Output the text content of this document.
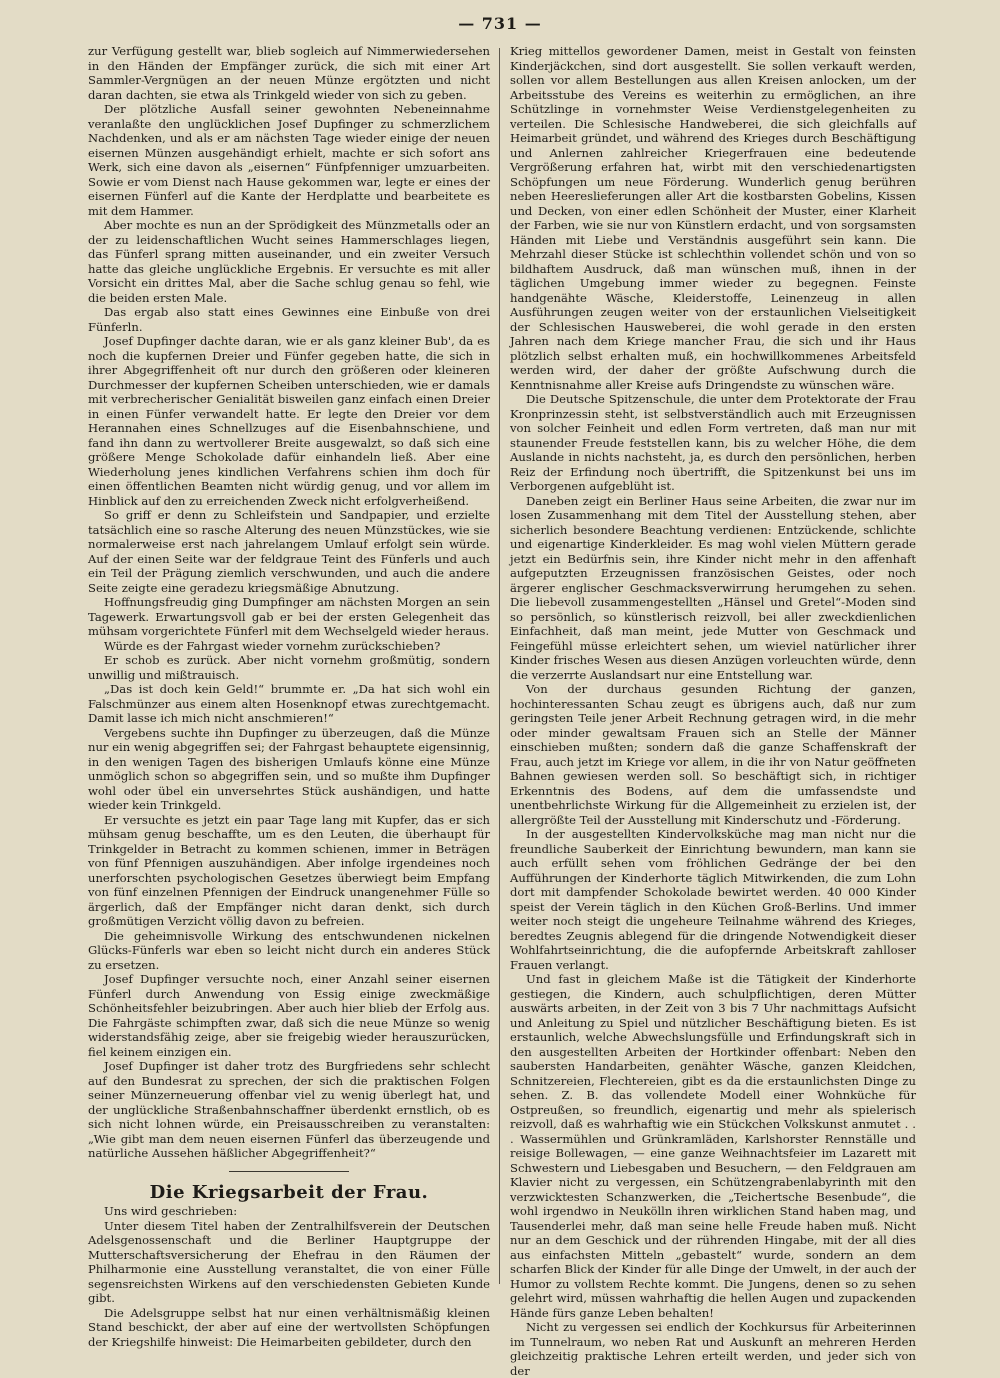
— 731 —

zur Verfügung gestellt war, blieb sogleich auf Nimmerwiedersehen in den Händen der Empfänger zurück, die sich mit einer Art Sammler-Vergnügen an der neuen Münze ergötzten und nicht daran dachten, sie etwa als Trinkgeld wieder von sich zu geben.

Der plötzliche Ausfall seiner gewohnten Nebeneinnahme veranlaßte den unglücklichen Josef Dupfinger zu schmerzlichem Nachdenken, und als er am nächsten Tage wieder einige der neuen eisernen Münzen ausgehändigt erhielt, machte er sich sofort ans Werk, sich eine davon als „eisernen“ Fünfpfenniger umzuarbeiten. Sowie er vom Dienst nach Hause gekommen war, legte er eines der eisernen Fünferl auf die Kante der Herdplatte und bearbeitete es mit dem Hammer.

Aber mochte es nun an der Sprödigkeit des Münzmetalls oder an der zu leidenschaftlichen Wucht seines Hammerschlages liegen, das Fünferl sprang mitten auseinander, und ein zweiter Versuch hatte das gleiche unglückliche Ergebnis. Er versuchte es mit aller Vorsicht ein drittes Mal, aber die Sache schlug genau so fehl, wie die beiden ersten Male.

Das ergab also statt eines Gewinnes eine Einbuße von drei Fünferln.

Josef Dupfinger dachte daran, wie er als ganz kleiner Bub', da es noch die kupfernen Dreier und Fünfer gegeben hatte, die sich in ihrer Abgegriffenheit oft nur durch den größeren oder kleineren Durchmesser der kupfernen Scheiben unterschieden, wie er damals mit verbrecherischer Genialität bisweilen ganz einfach einen Dreier in einen Fünfer verwandelt hatte. Er legte den Dreier vor dem Herannahen eines Schnellzuges auf die Eisenbahnschiene, und fand ihn dann zu wertvollerer Breite ausgewalzt, so daß sich eine größere Menge Schokolade dafür einhandeln ließ. Aber eine Wiederholung jenes kindlichen Verfahrens schien ihm doch für einen öffentlichen Beamten nicht würdig genug, und vor allem im Hinblick auf den zu erreichenden Zweck nicht erfolgverheißend.

So griff er denn zu Schleifstein und Sandpapier, und erzielte tatsächlich eine so rasche Alterung des neuen Münzstückes, wie sie normalerweise erst nach jahrelangem Umlauf erfolgt sein würde. Auf der einen Seite war der feldgraue Teint des Fünferls und auch ein Teil der Prägung ziemlich verschwunden, und auch die andere Seite zeigte eine geradezu kriegsmäßige Abnutzung.

Hoffnungsfreudig ging Dumpfinger am nächsten Morgen an sein Tagewerk. Erwartungsvoll gab er bei der ersten Gelegenheit das mühsam vorgerichtete Fünferl mit dem Wechselgeld wieder heraus.

Würde es der Fahrgast wieder vornehm zurückschieben?

Er schob es zurück. Aber nicht vornehm großmütig, sondern unwillig und mißtrauisch.

„Das ist doch kein Geld!“ brummte er. „Da hat sich wohl ein Falschmünzer aus einem alten Hosenknopf etwas zurechtgemacht. Damit lasse ich mich nicht anschmieren!“

Vergebens suchte ihn Dupfinger zu überzeugen, daß die Münze nur ein wenig abgegriffen sei; der Fahrgast behauptete eigensinnig, in den wenigen Tagen des bisherigen Umlaufs könne eine Münze unmöglich schon so abgegriffen sein, und so mußte ihm Dupfinger wohl oder übel ein unversehrtes Stück aushändigen, und hatte wieder kein Trinkgeld.

Er versuchte es jetzt ein paar Tage lang mit Kupfer, das er sich mühsam genug beschaffte, um es den Leuten, die überhaupt für Trinkgelder in Betracht zu kommen schienen, immer in Beträgen von fünf Pfennigen auszuhändigen. Aber infolge irgendeines noch unerforschten psychologischen Gesetzes überwiegt beim Empfang von fünf einzelnen Pfennigen der Eindruck unangenehmer Fülle so ärgerlich, daß der Empfänger nicht daran denkt, sich durch großmütigen Verzicht völlig davon zu befreien.

Die geheimnisvolle Wirkung des entschwundenen nickelnen Glücks-Fünferls war eben so leicht nicht durch ein anderes Stück zu ersetzen.

Josef Dupfinger versuchte noch, einer Anzahl seiner eisernen Fünferl durch Anwendung von Essig einige zweckmäßige Schönheitsfehler beizubringen. Aber auch hier blieb der Erfolg aus. Die Fahrgäste schimpften zwar, daß sich die neue Münze so wenig widerstandsfähig zeige, aber sie freigebig wieder herauszurücken, fiel keinem einzigen ein.

Josef Dupfinger ist daher trotz des Burgfriedens sehr schlecht auf den Bundesrat zu sprechen, der sich die praktischen Folgen seiner Münzerneuerung offenbar viel zu wenig überlegt hat, und der unglückliche Straßenbahnschaffner überdenkt ernstlich, ob es sich nicht lohnen würde, ein Preisausschreiben zu veranstalten: „Wie gibt man dem neuen eisernen Fünferl das überzeugende und natürliche Aussehen häßlicher Abgegriffenheit?“

Die Kriegsarbeit der Frau.

Uns wird geschrieben:

Unter diesem Titel haben der Zentralhilfsverein der Deutschen Adelsgenossenschaft und die Berliner Hauptgruppe der Mutterschaftsversicherung der Ehefrau in den Räumen der Philharmonie eine Ausstellung veranstaltet, die von einer Fülle segensreichsten Wirkens auf den verschiedensten Gebieten Kunde gibt.

Die Adelsgruppe selbst hat nur einen verhältnismäßig kleinen Stand beschickt, der aber auf eine der wertvollsten Schöpfungen der Kriegshilfe hinweist: Die Heimarbeiten gebildeter, durch den

Krieg mittellos gewordener Damen, meist in Gestalt von feinsten Kinderjäckchen, sind dort ausgestellt. Sie sollen verkauft werden, sollen vor allem Bestellungen aus allen Kreisen anlocken, um der Arbeitsstube des Vereins es weiterhin zu ermöglichen, an ihre Schützlinge in vornehmster Weise Verdienstgelegenheiten zu verteilen. Die Schlesische Handweberei, die sich gleichfalls auf Heimarbeit gründet, und während des Krieges durch Beschäftigung und Anlernen zahlreicher Kriegerfrauen eine bedeutende Vergrößerung erfahren hat, wirbt mit den verschiedenartigsten Schöpfungen um neue Förderung. Wunderlich genug berühren neben Heereslieferungen aller Art die kostbarsten Gobelins, Kissen und Decken, von einer edlen Schönheit der Muster, einer Klarheit der Farben, wie sie nur von Künstlern erdacht, und von sorgsamsten Händen mit Liebe und Verständnis ausgeführt sein kann. Die Mehrzahl dieser Stücke ist schlechthin vollendet schön und von so bildhaftem Ausdruck, daß man wünschen muß, ihnen in der täglichen Umgebung immer wieder zu begegnen. Feinste handgenähte Wäsche, Kleiderstoffe, Leinenzeug in allen Ausführungen zeugen weiter von der erstaunlichen Vielseitigkeit der Schlesischen Hausweberei, die wohl gerade in den ersten Jahren nach dem Kriege mancher Frau, die sich und ihr Haus plötzlich selbst erhalten muß, ein hochwillkommenes Arbeitsfeld werden wird, der daher der größte Aufschwung durch die Kenntnisnahme aller Kreise aufs Dringendste zu wünschen wäre.

Die Deutsche Spitzenschule, die unter dem Protektorate der Frau Kronprinzessin steht, ist selbstverständlich auch mit Erzeugnissen von solcher Feinheit und edlen Form vertreten, daß man nur mit staunender Freude feststellen kann, bis zu welcher Höhe, die dem Auslande in nichts nachsteht, ja, es durch den persönlichen, herben Reiz der Erfindung noch übertrifft, die Spitzenkunst bei uns im Verborgenen aufgeblüht ist.

Daneben zeigt ein Berliner Haus seine Arbeiten, die zwar nur im losen Zusammenhang mit dem Titel der Ausstellung stehen, aber sicherlich besondere Beachtung verdienen: Entzückende, schlichte und eigenartige Kinderkleider. Es mag wohl vielen Müttern gerade jetzt ein Bedürfnis sein, ihre Kinder nicht mehr in den affenhaft aufgeputzten Erzeugnissen französischen Geistes, oder noch ärgerer englischer Geschmacksverwirrung herumgehen zu sehen. Die liebevoll zusammengestellten „Hänsel und Gretel“-Moden sind so persönlich, so künstlerisch reizvoll, bei aller zweckdienlichen Einfachheit, daß man meint, jede Mutter von Geschmack und Feingefühl müsse erleichtert sehen, um wieviel natürlicher ihrer Kinder frisches Wesen aus diesen Anzügen vorleuchten würde, denn die verzerrte Auslandsart nur eine Entstellung war.

Von der durchaus gesunden Richtung der ganzen, hochinteressanten Schau zeugt es übrigens auch, daß nur zum geringsten Teile jener Arbeit Rechnung getragen wird, in die mehr oder minder gewaltsam Frauen sich an Stelle der Männer einschieben mußten; sondern daß die ganze Schaffenskraft der Frau, auch jetzt im Kriege vor allem, in die ihr von Natur geöffneten Bahnen gewiesen werden soll. So beschäftigt sich, in richtiger Erkenntnis des Bodens, auf dem die umfassendste und unentbehrlichste Wirkung für die Allgemeinheit zu erzielen ist, der allergrößte Teil der Ausstellung mit Kinderschutz und -Förderung.

In der ausgestellten Kindervolksküche mag man nicht nur die freundliche Sauberkeit der Einrichtung bewundern, man kann sie auch erfüllt sehen vom fröhlichen Gedränge der bei den Aufführungen der Kinderhorte täglich Mitwirkenden, die zum Lohn dort mit dampfender Schokolade bewirtet werden. 40 000 Kinder speist der Verein täglich in den Küchen Groß-Berlins. Und immer weiter noch steigt die ungeheure Teilnahme während des Krieges, beredtes Zeugnis ablegend für die dringende Notwendigkeit dieser Wohlfahrtseinrichtung, die die aufopfernde Arbeitskraft zahlloser Frauen verlangt.

Und fast in gleichem Maße ist die Tätigkeit der Kinderhorte gestiegen, die Kindern, auch schulpflichtigen, deren Mütter auswärts arbeiten, in der Zeit von 3 bis 7 Uhr nachmittags Aufsicht und Anleitung zu Spiel und nützlicher Beschäftigung bieten. Es ist erstaunlich, welche Abwechslungsfülle und Erfindungskraft sich in den ausgestellten Arbeiten der Hortkinder offenbart: Neben den saubersten Handarbeiten, genähter Wäsche, ganzen Kleidchen, Schnitzereien, Flechtereien, gibt es da die erstaunlichsten Dinge zu sehen. Z. B. das vollendete Modell einer Wohnküche für Ostpreußen, so freundlich, eigenartig und mehr als spielerisch reizvoll, daß es wahrhaftig wie ein Stückchen Volkskunst anmutet . . . Wassermühlen und Grünkramläden, Karlshorster Rennställe und reisige Bollewagen, — eine ganze Weihnachtsfeier im Lazarett mit Schwestern und Liebesgaben und Besuchern, — den Feldgrauen am Klavier nicht zu vergessen, ein Schützengrabenlabyrinth mit den verzwicktesten Schanzwerken, die „Teichertsche Besenbude“, die wohl irgendwo in Neukölln ihren wirklichen Stand haben mag, und Tausenderlei mehr, daß man seine helle Freude haben muß. Nicht nur an dem Geschick und der rührenden Hingabe, mit der all dies aus einfachsten Mitteln „gebastelt“ wurde, sondern an dem scharfen Blick der Kinder für alle Dinge der Umwelt, in der auch der Humor zu vollstem Rechte kommt. Die Jungens, denen so zu sehen gelehrt wird, müssen wahrhaftig die hellen Augen und zupackenden Hände fürs ganze Leben behalten!

Nicht zu vergessen sei endlich der Kochkursus für Arbeiterinnen im Tunnelraum, wo neben Rat und Auskunft an mehreren Herden gleichzeitig praktische Lehren erteilt werden, und jeder sich von der
